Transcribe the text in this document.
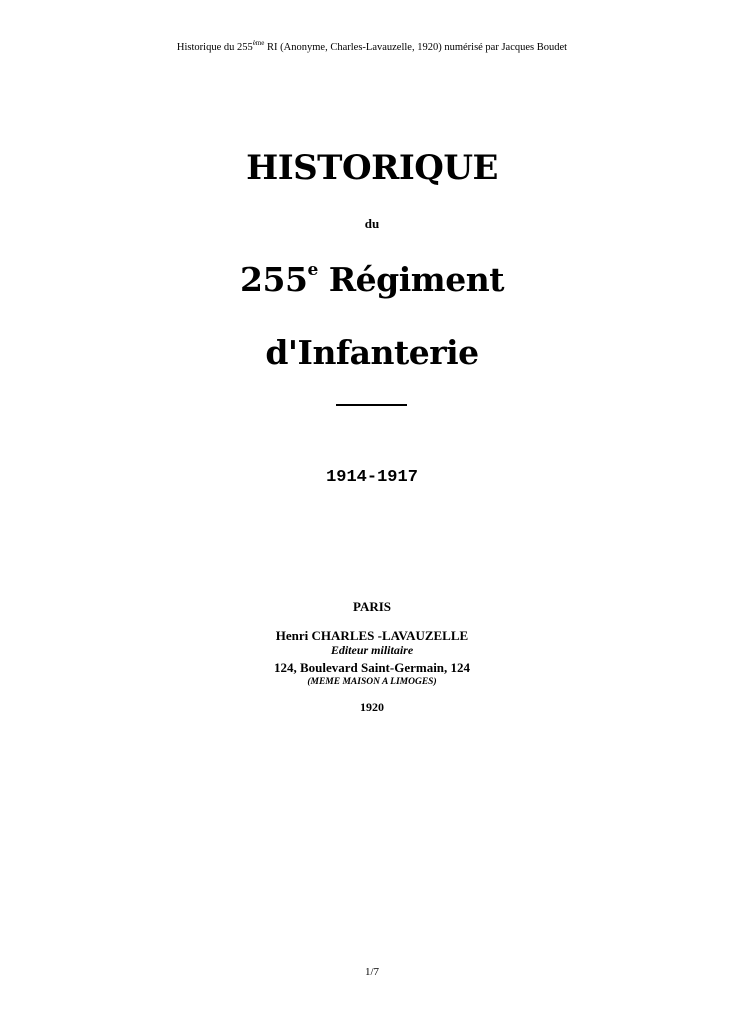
Historique du 255ème RI (Anonyme, Charles-Lavauzelle, 1920) numérisé par Jacques Boudet
HISTORIQUE
du
255e Régiment
d'Infanterie
1914-1917
PARIS
Henri CHARLES -LAVAUZELLE
Editeur militaire
124, Boulevard Saint-Germain, 124
(MEME MAISON A LIMOGES)
1920
1/7
